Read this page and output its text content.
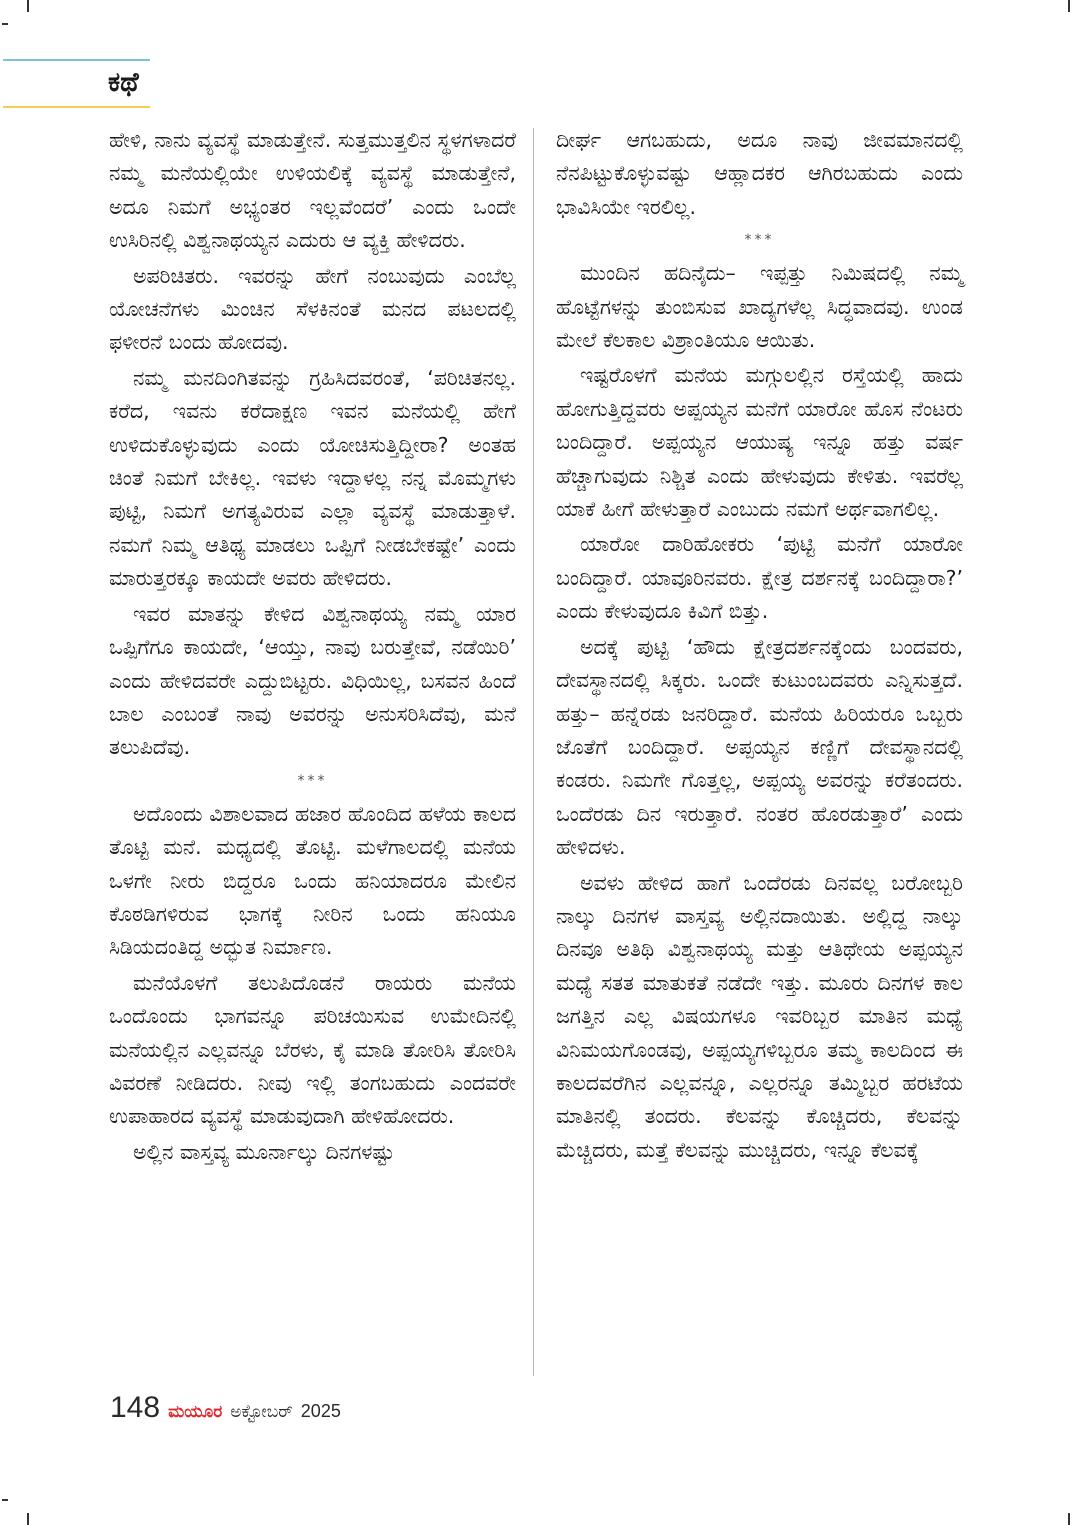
ಕಥೆ

ಹೇಳಿ, ನಾನು ವ್ಯವಸ್ಥೆ ಮಾಡುತ್ತೇನೆ. ಸುತ್ತಮುತ್ತಲಿನ ಸ್ಥಳಗಳಾದರೆ ನಮ್ಮ ಮನೆಯಲ್ಲಿಯೇ ಉಳಿಯಲಿಕ್ಕೆ ವ್ಯವಸ್ಥೆ ಮಾಡುತ್ತೇನೆ, ಅದೂ ನಿಮಗೆ ಅಭ್ಯಂತರ ಇಲ್ಲವೆಂದರೆ’ ಎಂದು ಒಂದೇ ಉಸಿರಿನಲ್ಲಿ ವಿಶ್ವನಾಥಯ್ಯನ ಎದುರು ಆ ವ್ಯಕ್ತಿ ಹೇಳಿದರು.

ಅಪರಿಚಿತರು. ಇವರನ್ನು ಹೇಗೆ ನಂಬುವುದು ಎಂಬೆಲ್ಲ ಯೋಚನೆಗಳು ಮಿಂಚಿನ ಸೆಳಕಿನಂತೆ ಮನದ ಪಟಲದಲ್ಲಿ ಫಳೀರನೆ ಬಂದು ಹೋದವು.

ನಮ್ಮ ಮನದಿಂಗಿತವನ್ನು ಗ್ರಹಿಸಿದವರಂತೆ, ‘ಪರಿಚಿತನಲ್ಲ. ಕರೆದ, ಇವನು ಕರೆದಾಕ್ಷಣ ಇವನ ಮನೆಯಲ್ಲಿ ಹೇಗೆ ಉಳಿದುಕೊಳ್ಳುವುದು ಎಂದು ಯೋಚಿಸುತ್ತಿದ್ದೀರಾ? ಅಂತಹ ಚಿಂತೆ ನಿಮಗೆ ಬೇಕಿಲ್ಲ. ಇವಳು ಇದ್ದಾಳಲ್ಲ ನನ್ನ ಮೊಮ್ಮಗಳು ಪುಟ್ಟಿ, ನಿಮಗೆ ಅಗತ್ಯವಿರುವ ಎಲ್ಲಾ ವ್ಯವಸ್ಥೆ ಮಾಡುತ್ತಾಳೆ. ನಮಗೆ ನಿಮ್ಮ ಆತಿಥ್ಯ ಮಾಡಲು ಒಪ್ಪಿಗೆ ನೀಡಬೇಕಷ್ಟೇ’ ಎಂದು ಮಾರುತ್ತರಕ್ಕೂ ಕಾಯದೇ ಅವರು ಹೇಳಿದರು.

ಇವರ ಮಾತನ್ನು ಕೇಳಿದ ವಿಶ್ವನಾಥಯ್ಯ ನಮ್ಮ ಯಾರ ಒಪ್ಪಿಗೆಗೂ ಕಾಯದೇ, ‘ಆಯ್ತು, ನಾವು ಬರುತ್ತೇವೆ, ನಡೆಯಿರಿ’ ಎಂದು ಹೇಳಿದವರೇ ಎದ್ದುಬಿಟ್ಟರು. ವಿಧಿಯಿಲ್ಲ, ಬಸವನ ಹಿಂದೆ ಬಾಲ ಎಂಬಂತೆ ನಾವು ಅವರನ್ನು ಅನುಸರಿಸಿದೆವು, ಮನೆ ತಲುಪಿದೆವು.

***

ಅದೊಂದು ವಿಶಾಲವಾದ ಹಜಾರ ಹೊಂದಿದ ಹಳೆಯ ಕಾಲದ ತೊಟ್ಟಿ ಮನೆ. ಮಧ್ಯದಲ್ಲಿ ತೊಟ್ಟಿ. ಮಳೆಗಾಲದಲ್ಲಿ ಮನೆಯ ಒಳಗೇ ನೀರು ಬಿದ್ದರೂ ಒಂದು ಹನಿಯಾದರೂ ಮೇಲಿನ ಕೊಠಡಿಗಳಿರುವ ಭಾಗಕ್ಕೆ ನೀರಿನ ಒಂದು ಹನಿಯೂ ಸಿಡಿಯದಂತಿದ್ದ ಅದ್ಭುತ ನಿರ್ಮಾಣ.

ಮನೆಯೊಳಗೆ ತಲುಪಿದೊಡನೆ ರಾಯರು ಮನೆಯ ಒಂದೊಂದು ಭಾಗವನ್ನೂ ಪರಿಚಯಿಸುವ ಉಮೇದಿನಲ್ಲಿ ಮನೆಯಲ್ಲಿನ ಎಲ್ಲವನ್ನೂ ಬೆರಳು, ಕೈ ಮಾಡಿ ತೋರಿಸಿ ತೋರಿಸಿ ವಿವರಣೆ ನೀಡಿದರು. ನೀವು ಇಲ್ಲಿ ತಂಗಬಹುದು ಎಂದವರೇ ಉಪಾಹಾರದ ವ್ಯವಸ್ಥೆ ಮಾಡುವುದಾಗಿ ಹೇಳಿಹೋದರು.

ಅಲ್ಲಿನ ವಾಸ್ತವ್ಯ ಮೂರ್ನಾಲ್ಕು ದಿನಗಳಷ್ಟು

ದೀರ್ಘ ಆಗಬಹುದು, ಅದೂ ನಾವು ಜೀವಮಾನದಲ್ಲಿ ನೆನಪಿಟ್ಟುಕೊಳ್ಳುವಷ್ಟು ಆಹ್ಲಾದಕರ ಆಗಿರಬಹುದು ಎಂದು ಭಾವಿಸಿಯೇ ಇರಲಿಲ್ಲ.

***

ಮುಂದಿನ ಹದಿನೈದು– ಇಪ್ಪತ್ತು ನಿಮಿಷದಲ್ಲಿ ನಮ್ಮ ಹೊಟ್ಟೆಗಳನ್ನು ತುಂಬಿಸುವ ಖಾದ್ಯಗಳೆಲ್ಲ ಸಿದ್ಧವಾದವು. ಉಂಡ ಮೇಲೆ ಕೆಲಕಾಲ ವಿಶ್ರಾಂತಿಯೂ ಆಯಿತು.

ಇಷ್ಟರೊಳಗೆ ಮನೆಯ ಮಗ್ಗುಲಲ್ಲಿನ ರಸ್ತೆಯಲ್ಲಿ ಹಾದು ಹೋಗುತ್ತಿದ್ದವರು ಅಪ್ಪಯ್ಯನ ಮನೆಗೆ ಯಾರೋ ಹೊಸ ನೆಂಟರು ಬಂದಿದ್ದಾರೆ. ಅಪ್ಪಯ್ಯನ ಆಯುಷ್ಯ ಇನ್ನೂ ಹತ್ತು ವರ್ಷ ಹೆಚ್ಚಾಗುವುದು ನಿಶ್ಚಿತ ಎಂದು ಹೇಳುವುದು ಕೇಳಿತು. ಇವರೆಲ್ಲ ಯಾಕೆ ಹೀಗೆ ಹೇಳುತ್ತಾರೆ ಎಂಬುದು ನಮಗೆ ಅರ್ಥವಾಗಲಿಲ್ಲ.

ಯಾರೋ ದಾರಿಹೋಕರು ‘ಪುಟ್ಟಿ ಮನೆಗೆ ಯಾರೋ ಬಂದಿದ್ದಾರೆ. ಯಾವೂರಿನವರು. ಕ್ಷೇತ್ರ ದರ್ಶನಕ್ಕೆ ಬಂದಿದ್ದಾರಾ?’ ಎಂದು ಕೇಳುವುದೂ ಕಿವಿಗೆ ಬಿತ್ತು.

ಅದಕ್ಕೆ ಪುಟ್ಟಿ ‘ಹೌದು ಕ್ಷೇತ್ರದರ್ಶನಕ್ಕೆಂದು ಬಂದವರು, ದೇವಸ್ಥಾನದಲ್ಲಿ ಸಿಕ್ಕರು. ಒಂದೇ ಕುಟುಂಬದವರು ಎನ್ನಿಸುತ್ತದೆ. ಹತ್ತು– ಹನ್ನೆರಡು ಜನರಿದ್ದಾರೆ. ಮನೆಯ ಹಿರಿಯರೂ ಒಬ್ಬರು ಜೊತೆಗೆ ಬಂದಿದ್ದಾರೆ. ಅಪ್ಪಯ್ಯನ ಕಣ್ಣಿಗೆ ದೇವಸ್ಥಾನದಲ್ಲಿ ಕಂಡರು. ನಿಮಗೇ ಗೊತ್ತಲ್ಲ, ಅಪ್ಪಯ್ಯ ಅವರನ್ನು ಕರೆತಂದರು. ಒಂದೆರಡು ದಿನ ಇರುತ್ತಾರೆ. ನಂತರ ಹೊರಡುತ್ತಾರೆ’ ಎಂದು ಹೇಳಿದಳು.

ಅವಳು ಹೇಳಿದ ಹಾಗೆ ಒಂದೆರಡು ದಿನವಲ್ಲ ಬರೋಬ್ಬರಿ ನಾಲ್ಕು ದಿನಗಳ ವಾಸ್ತವ್ಯ ಅಲ್ಲಿನದಾಯಿತು. ಅಲ್ಲಿದ್ದ ನಾಲ್ಕು ದಿನವೂ ಅತಿಥಿ ವಿಶ್ವನಾಥಯ್ಯ ಮತ್ತು ಆತಿಥೇಯ ಅಪ್ಪಯ್ಯನ ಮಧ್ಯೆ ಸತತ ಮಾತುಕತೆ ನಡೆದೇ ಇತ್ತು. ಮೂರು ದಿನಗಳ ಕಾಲ ಜಗತ್ತಿನ ಎಲ್ಲ ವಿಷಯಗಳೂ ಇವರಿಬ್ಬರ ಮಾತಿನ ಮಧ್ಯೆ ವಿನಿಮಯಗೊಂಡವು, ಅಪ್ಪಯ್ಯಗಳಿಬ್ಬರೂ ತಮ್ಮ ಕಾಲದಿಂದ ಈ ಕಾಲದವರೆಗಿನ ಎಲ್ಲವನ್ನೂ, ಎಲ್ಲರನ್ನೂ ತಮ್ಮಿಬ್ಬರ ಹರಟೆಯ ಮಾತಿನಲ್ಲಿ ತಂದರು. ಕೆಲವನ್ನು ಕೊಚ್ಚಿದರು, ಕೆಲವನ್ನು ಮೆಚ್ಚಿದರು, ಮತ್ತೆ ಕೆಲವನ್ನು ಮುಚ್ಚಿದರು, ಇನ್ನೂ ಕೆಲವಕ್ಕೆ

148 ಮಯೂರ ಅಕ್ಟೋಬರ್ 2025
